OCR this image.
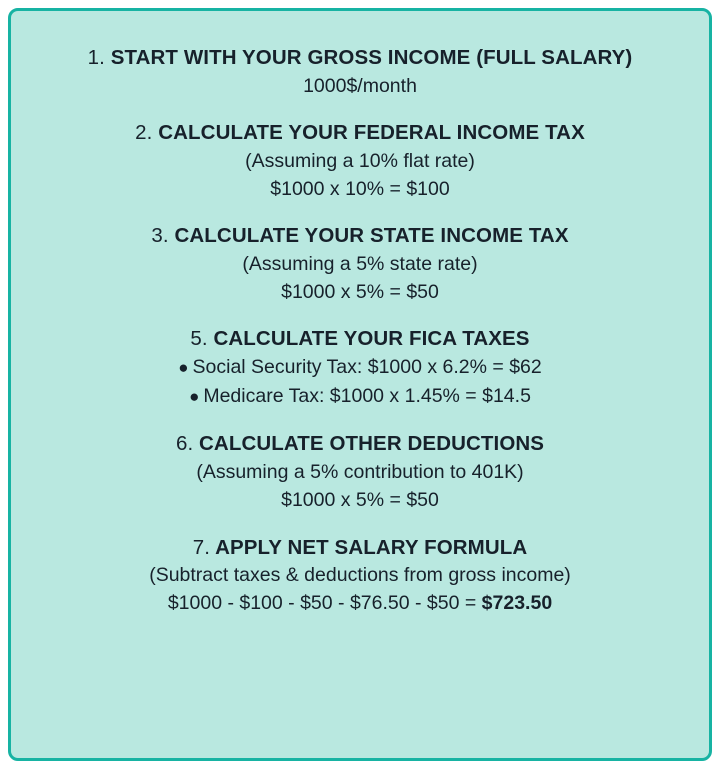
1. START WITH YOUR GROSS INCOME (FULL SALARY)
1000$/month
2. CALCULATE YOUR FEDERAL INCOME TAX
(Assuming a 10% flat rate)
$1000 x 10% = $100
3. CALCULATE YOUR STATE INCOME TAX
(Assuming a 5% state rate)
$1000 x 5% = $50
5. CALCULATE YOUR FICA TAXES
● Social Security Tax: $1000 x 6.2% = $62
● Medicare Tax: $1000 x 1.45% = $14.5
6. CALCULATE OTHER DEDUCTIONS
(Assuming a 5% contribution to 401K)
$1000 x 5% = $50
7. APPLY NET SALARY FORMULA
(Subtract taxes & deductions from gross income)
$1000 - $100 - $50 - $76.50 - $50 = $723.50
